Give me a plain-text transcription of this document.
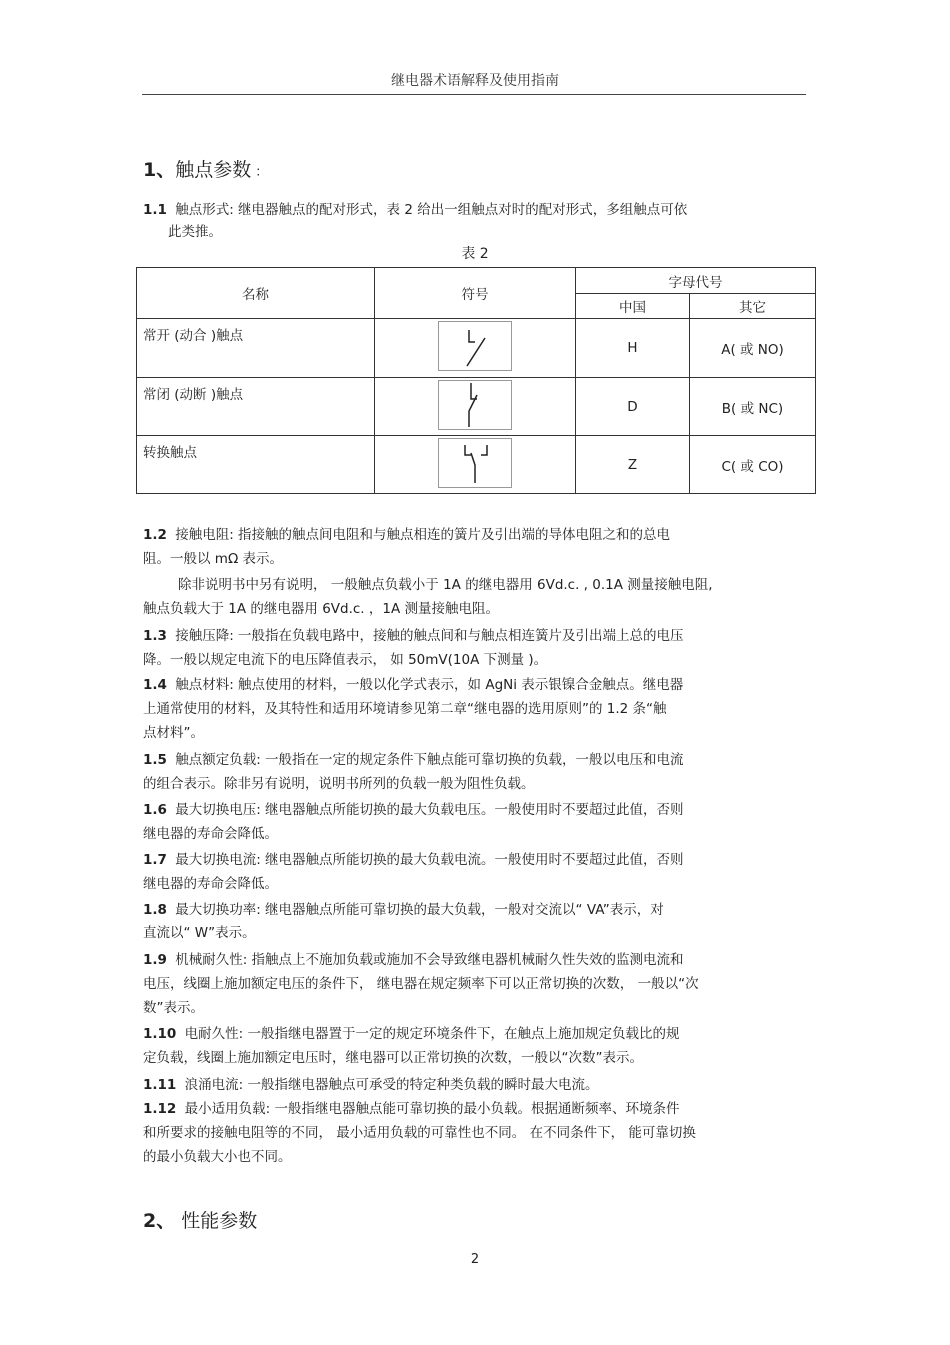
继电器术语解释及使用指南
1、触点参数 ：
1.1 触点形式: 继电器触点的配对形式，表 2 给出一组触点对时的配对形式，多组触点可依
此类推。
表 2
名称	符号	字母代号	
		中国	其它
常开 (动合 )触点		H	A( 或 NO)
常闭 (动断 )触点		D	B( 或 NC)
转换触点		Z	C( 或 CO)
1.2 接触电阻: 指接触的触点间电阻和与触点相连的簧片及引出端的导体电阻之和的总电
阻。一般以 mΩ 表示。
除非说明书中另有说明， 一般触点负载小于 1A 的继电器用 6Vd.c. , 0.1A 测量接触电阻,
触点负载大于 1A 的继电器用 6Vd.c. ，1A 测量接触电阻。
1.3 接触压降: 一般指在负载电路中，接触的触点间和与触点相连簧片及引出端上总的电压
降。一般以规定电流下的电压降值表示， 如 50mV(10A 下测量 )。
1.4 触点材料: 触点使用的材料，一般以化学式表示，如 AgNi 表示银镍合金触点。继电器
上通常使用的材料，及其特性和适用环境请参见第二章“继电器的选用原则”的 1.2 条“触
点材料”。
1.5 触点额定负载: 一般指在一定的规定条件下触点能可靠切换的负载，一般以电压和电流
的组合表示。除非另有说明，说明书所列的负载一般为阻性负载。
1.6 最大切换电压: 继电器触点所能切换的最大负载电压。一般使用时不要超过此值，否则
继电器的寿命会降低。
1.7 最大切换电流: 继电器触点所能切换的最大负载电流。一般使用时不要超过此值，否则
继电器的寿命会降低。
1.8 最大切换功率: 继电器触点所能可靠切换的最大负载，一般对交流以“ VA”表示，对
直流以“ W”表示。
1.9 机械耐久性: 指触点上不施加负载或施加不会导致继电器机械耐久性失效的监测电流和
电压，线圈上施加额定电压的条件下， 继电器在规定频率下可以正常切换的次数， 一般以“次
数”表示。
1.10 电耐久性: 一般指继电器置于一定的规定环境条件下，在触点上施加规定负载比的规
定负载，线圈上施加额定电压时，继电器可以正常切换的次数，一般以“次数”表示。
1.11 浪涌电流: 一般指继电器触点可承受的特定种类负载的瞬时最大电流。
1.12 最小适用负载: 一般指继电器触点能可靠切换的最小负载。根据通断频率、环境条件
和所要求的接触电阻等的不同， 最小适用负载的可靠性也不同。 在不同条件下， 能可靠切换
的最小负载大小也不同。
2、 性能参数
2
